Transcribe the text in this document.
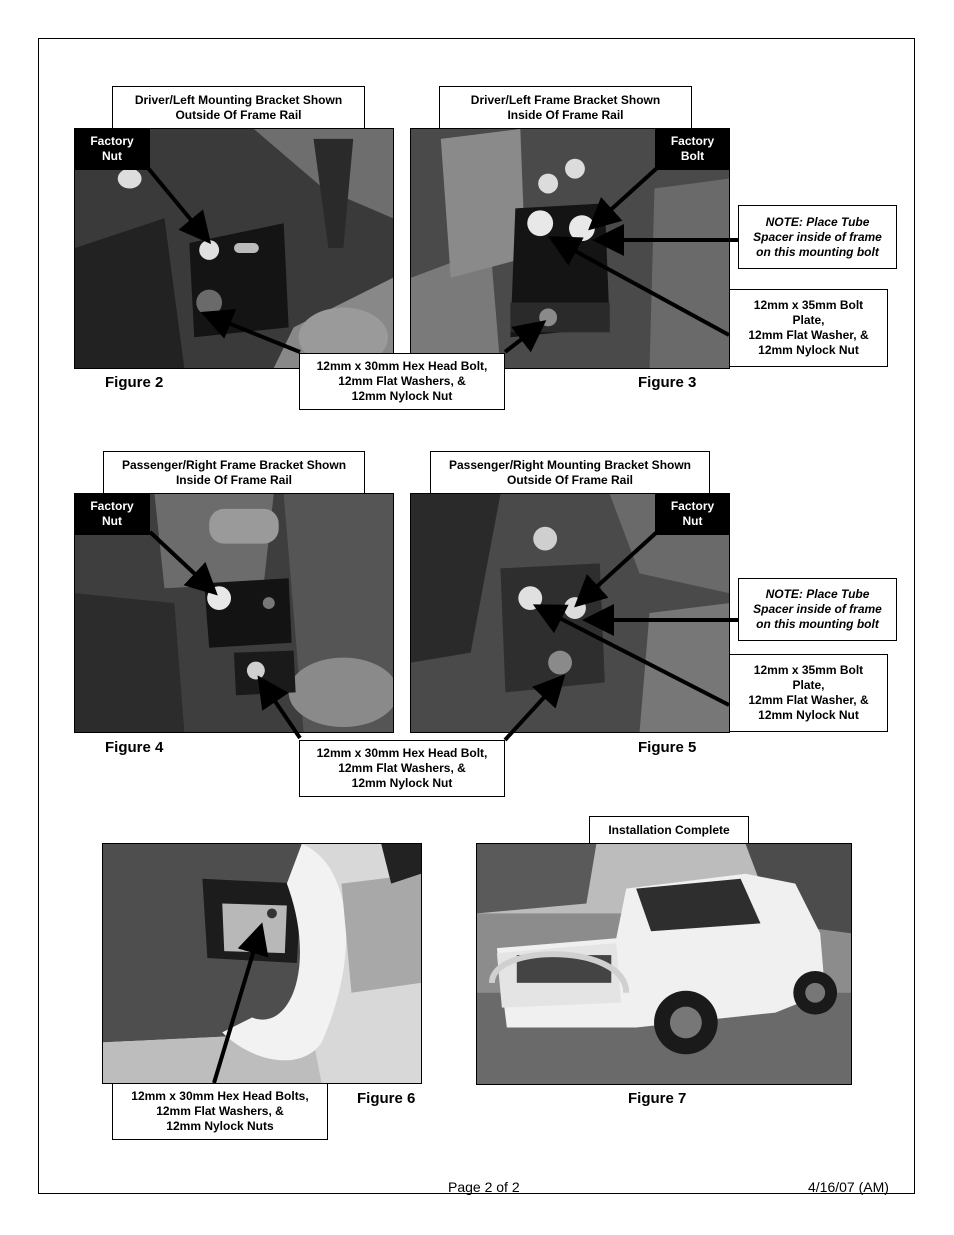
Driver/Left Mounting Bracket Shown
Outside Of Frame Rail
Factory
Nut
Driver/Left Frame Bracket Shown
Inside Of Frame Rail
Factory
Bolt
NOTE: Place Tube
Spacer inside of frame
on this mounting bolt
12mm x 35mm Bolt
Plate,
12mm Flat Washer, &
12mm Nylock Nut
12mm x 30mm Hex Head Bolt,
12mm Flat Washers, &
12mm Nylock Nut
Figure 2	Figure 3
Passenger/Right Frame Bracket Shown
Inside Of Frame Rail
Factory
Nut
Passenger/Right Mounting Bracket Shown
Outside Of Frame Rail
Factory
Nut
NOTE: Place Tube
Spacer inside of frame
on this mounting bolt
12mm x 35mm Bolt
Plate,
12mm Flat Washer, &
12mm Nylock Nut
12mm x 30mm Hex Head Bolt,
12mm Flat Washers, &
12mm Nylock Nut
Figure 4	Figure 5
12mm x 30mm Hex Head Bolts,
12mm Flat Washers, &
12mm Nylock Nuts
Figure 6
Installation Complete
Figure 7
Page 2 of 2	4/16/07 (AM)
